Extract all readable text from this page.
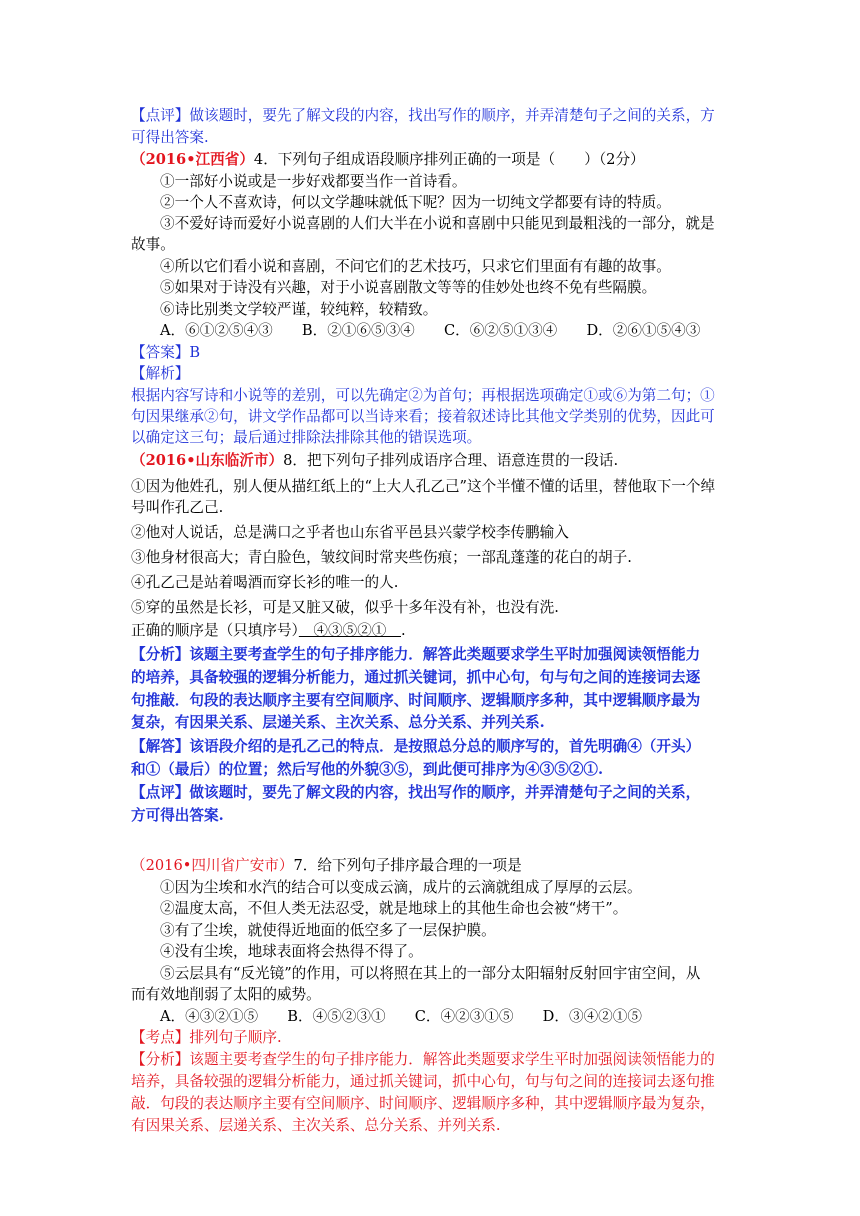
【点评】做该题时，要先了解文段的内容，找出写作的顺序，并弄清楚句子之间的关系，方
可得出答案.
（2016•江西省）4．下列句子组成语段顺序排列正确的一项是（　　）（2分）
①一部好小说或是一步好戏都要当作一首诗看。
②一个人不喜欢诗，何以文学趣味就低下呢？因为一切纯文学都要有诗的特质。
③不爱好诗而爱好小说喜剧的人们大半在小说和喜剧中只能见到最粗浅的一部分，就是
故事。
④所以它们看小说和喜剧，不问它们的艺术技巧，只求它们里面有有趣的故事。
⑤如果对于诗没有兴趣，对于小说喜剧散文等等的佳妙处也终不免有些隔膜。
⑥诗比别类文学较严谨，较纯粹，较精致。
A．⑥①②⑤④③　　B．②①⑥⑤③④　　C．⑥②⑤①③④　　D．②⑥①⑤④③
【答案】B
【解析】
根据内容写诗和小说等的差别，可以先确定②为首句；再根据选项确定①或⑥为第二句；①
句因果继承②句，讲文学作品都可以当诗来看；接着叙述诗比其他文学类别的优势，因此可
以确定这三句；最后通过排除法排除其他的错误选项。
（2016•山东临沂市）8．把下列句子排列成语序合理、语意连贯的一段话.
①因为他姓孔，别人便从描红纸上的“上大人孔乙己”这个半懂不懂的话里，替他取下一个绰
号叫作孔乙己.
②他对人说话，总是满口之乎者也山东省平邑县兴蒙学校李传鹏输入
③他身材很高大；青白脸色，皱纹间时常夹些伤痕；一部乱蓬蓬的花白的胡子.
④孔乙己是站着喝酒而穿长衫的唯一的人.
⑤穿的虽然是长衫，可是又脏又破，似乎十多年没有补，也没有洗.
正确的顺序是（只填序号）　④③⑤②①　.
【分析】该题主要考查学生的句子排序能力．解答此类题要求学生平时加强阅读领悟能力
的培养，具备较强的逻辑分析能力，通过抓关键词，抓中心句，句与句之间的连接词去逐
句推敲．句段的表达顺序主要有空间顺序、时间顺序、逻辑顺序多种，其中逻辑顺序最为
复杂，有因果关系、层递关系、主次关系、总分关系、并列关系.
【解答】该语段介绍的是孔乙己的特点．是按照总分总的顺序写的，首先明确④（开头）
和①（最后）的位置；然后写他的外貌③⑤，到此便可排序为④③⑤②①.
【点评】做该题时，要先了解文段的内容，找出写作的顺序，并弄清楚句子之间的关系，
方可得出答案.
（2016•四川省广安市）7．给下列句子排序最合理的一项是
①因为尘埃和水汽的结合可以变成云滴，成片的云滴就组成了厚厚的云层。
②温度太高，不但人类无法忍受，就是地球上的其他生命也会被“烤干”。
③有了尘埃，就使得近地面的低空多了一层保护膜。
④没有尘埃，地球表面将会热得不得了。
⑤云层具有“反光镜”的作用，可以将照在其上的一部分太阳辐射反射回宇宙空间，从
而有效地削弱了太阳的威势。
A．④③②①⑤　　B．④⑤②③①　　C．④②③①⑤　　D．③④②①⑤
【考点】排列句子顺序.
【分析】该题主要考查学生的句子排序能力．解答此类题要求学生平时加强阅读领悟能力的
培养，具备较强的逻辑分析能力，通过抓关键词，抓中心句，句与句之间的连接词去逐句推
敲．句段的表达顺序主要有空间顺序、时间顺序、逻辑顺序多种，其中逻辑顺序最为复杂，
有因果关系、层递关系、主次关系、总分关系、并列关系.
